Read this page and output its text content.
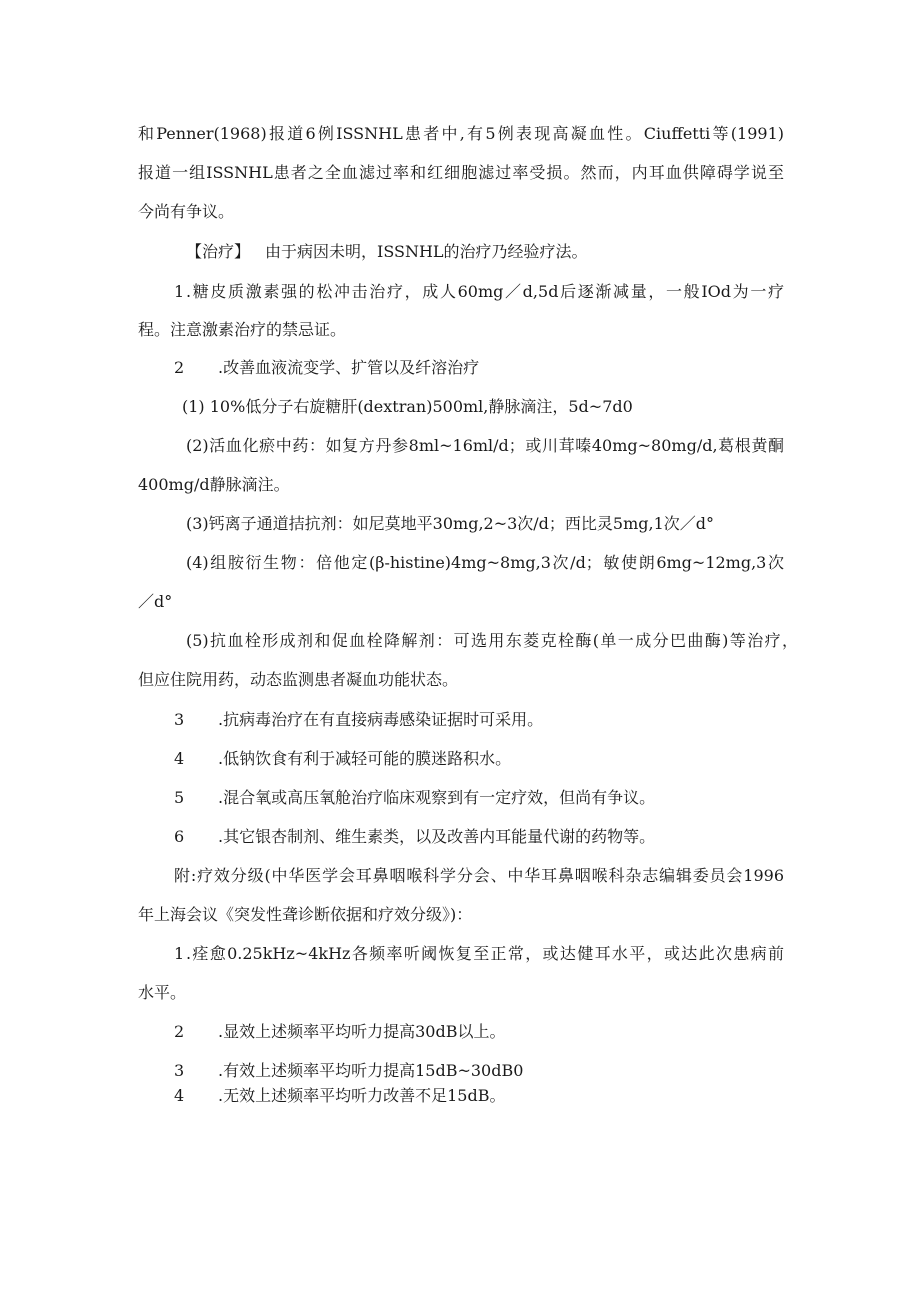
和Penner(1968)报道6例ISSNHL患者中,有5例表现高凝血性。Ciuffetti等(1991)
报道一组ISSNHL患者之全血滤过率和红细胞滤过率受损。然而，内耳血供障碍学说至
今尚有争议。
【治疗】 由于病因未明，ISSNHL的治疗乃经验疗法。
1 .糖皮质激素强的松冲击治疗，成人60mg／d,5d后逐渐减量，一般IOd为一疗
程。注意激素治疗的禁忌证。
2 .改善血液流变学、扩管以及纤溶治疗
(1) 10%低分子右旋糖肝(dextran)500ml,静脉滴注，5d~7d0
(2)活血化瘀中药：如复方丹参8ml~16ml/d；或川茸嗪40mg~80mg/d,葛根黄酮
400mg/d静脉滴注。
(3)钙离子通道拮抗剂：如尼莫地平30mg,2~3次/d；西比灵5mg,1次／d°
(4)组胺衍生物：倍他定(β-histine)4mg~8mg,3次/d；敏使朗6mg~12mg,3次
／d°
(5)抗血栓形成剂和促血栓降解剂：可选用东菱克栓酶(单一成分巴曲酶)等治疗，
但应住院用药，动态监测患者凝血功能状态。
3 .抗病毒治疗在有直接病毒感染证据时可采用。
4 .低钠饮食有利于减轻可能的膜迷路积水。
5 .混合氧或高压氧舱治疗临床观察到有一定疗效，但尚有争议。
6 .其它银杏制剂、维生素类，以及改善内耳能量代谢的药物等。
附:疗效分级(中华医学会耳鼻咽喉科学分会、中华耳鼻咽喉科杂志编辑委员会1996
年上海会议《突发性聋诊断依据和疗效分级》)：
1 .痊愈0.25kHz~4kHz各频率听阈恢复至正常，或达健耳水平，或达此次患病前
水平。
2 .显效上述频率平均听力提高30dB以上。
3 .有效上述频率平均听力提高15dB~30dB0
4 .无效上述频率平均听力改善不足15dB。
